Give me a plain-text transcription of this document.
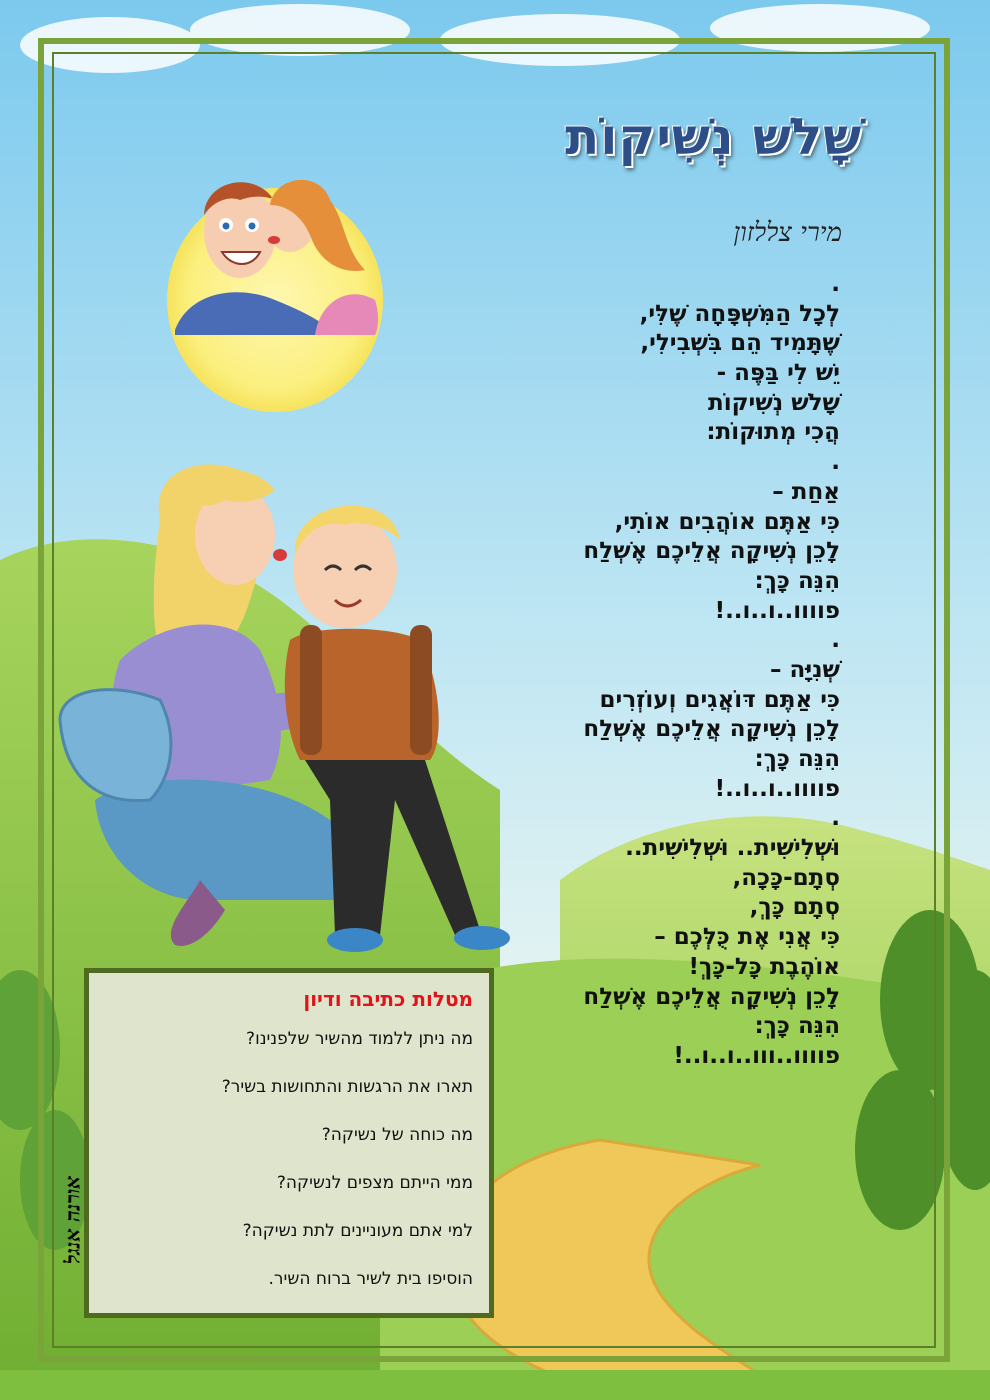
שָׁלֹשׁ נְשִׁיקוֹת
מירי צללזון
.
לְכָל הַמִּשְׁפָּחָה שֶׁלִּי,
שֶׁתָּמִיד הֵם בִּשְׁבִילִי,
יֵשׁ לִי בַּפֶּה -
שָׁלֹשׁ נְשִׁיקוֹת
הֲכִי מְתוּקוֹת:
.
אַחַת –
כִּי אַתֶּם אוֹהֲבִים אוֹתִי,
לָכֵן נְשִׁיקָה אֲלֵיכֶם אֶשְׁלַח
הִנֵּה כָּךְ:
פוווו..ו..ו..!
.
שְׁנִיָּה –
כִּי אַתֶּם דּוֹאֲגִים וְעוֹזְרִים
לָכֵן נְשִׁיקָה אֲלֵיכֶם אֶשְׁלַח
הִנֵּה כָּךְ:
פוווו..ו..ו..!
.
וּשְׁלִישִׁית.. וּשְׁלִישִׁית..
סְתָם-כָּכָה,
סְתָם כָּךְ,
כִּי אֲנִי אֶת כֻּלְּכֶם –
אוֹהֶבֶת כָּל-כָּךְ!
לָכֵן נְשִׁיקָה אֲלֵיכֶם אֶשְׁלַח
הִנֵּה כָּךְ:
פוווו..ווו..ו..ו..!
מטלות כתיבה ודיון
מה ניתן ללמוד מהשיר שלפנינו?
תארו את הרגשות והתחושות בשיר?
מה כוחה של נשיקה?
ממי הייתם מצפים לנשיקה?
למי אתם מעוניינים לתת נשיקה?
הוסיפו בית לשיר ברוח השיר.
אורנה אנגל
